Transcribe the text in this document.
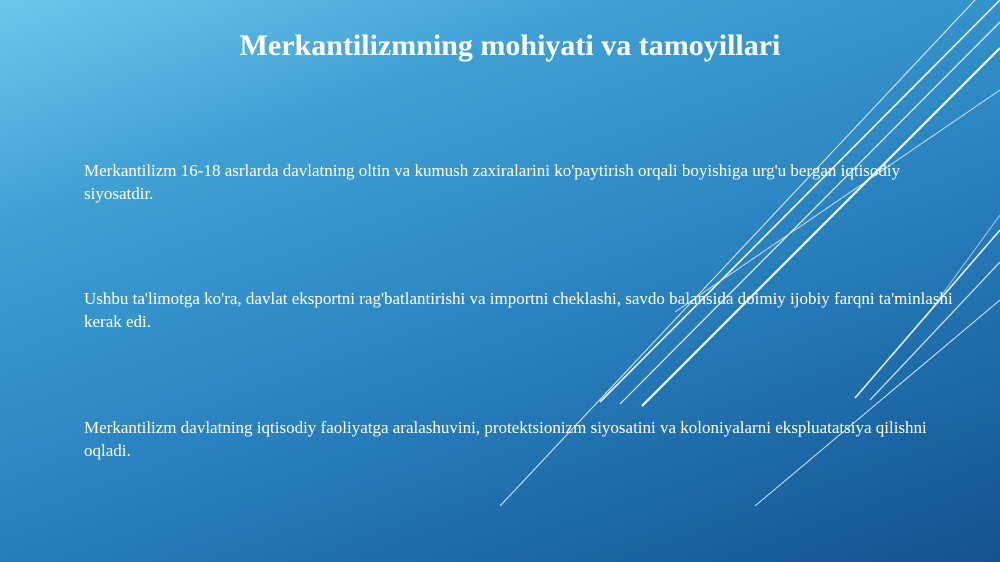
Merkantilizmning mohiyati va tamoyillari

Merkantilizm 16-18 asrlarda davlatning oltin va kumush zaxiralarini ko'paytirish orqali boyishiga urg'u bergan iqtisodiy siyosatdir.

Ushbu ta'limotga ko'ra, davlat eksportni rag'batlantirishi va importni cheklashi, savdo balansida doimiy ijobiy farqni ta'minlashi kerak edi.

Merkantilizm davlatning iqtisodiy faoliyatga aralashuvini, protektsionizm siyosatini va koloniyalarni ekspluatatsiya qilishni oqladi.
